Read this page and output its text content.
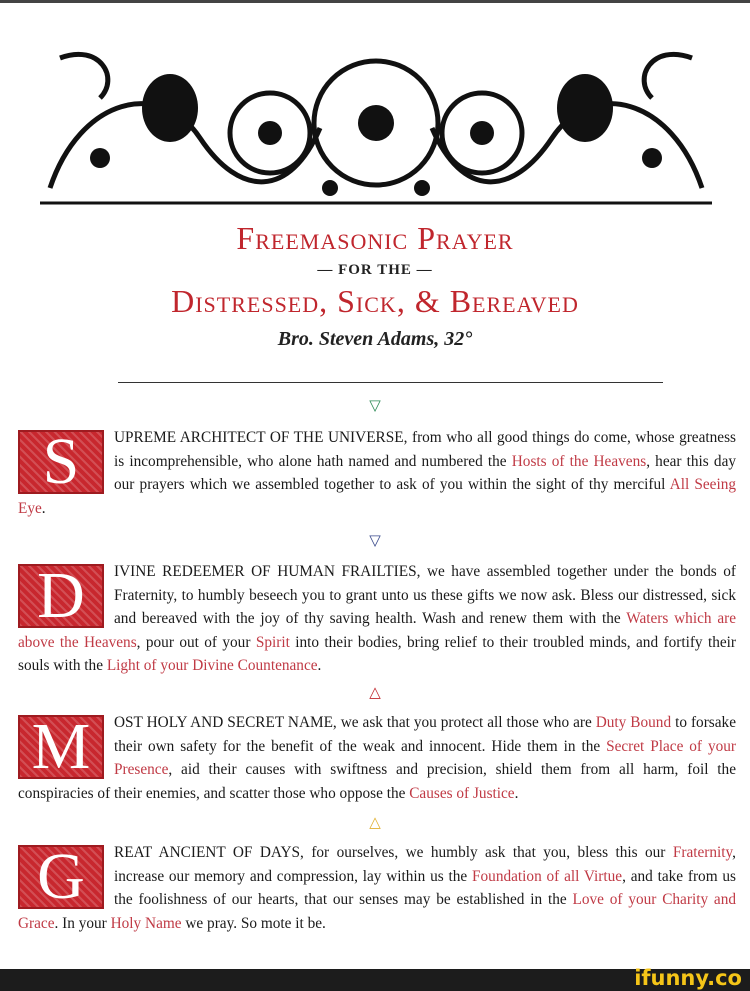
Freemasonic Prayer
— FOR THE —
Distressed, Sick, & Bereaved
Bro. Steven Adams, 32°
▽
S	UPREME ARCHITECT OF THE UNIVERSE, from who all good things do come, whose greatness is incomprehensible, who alone hath named and numbered the Hosts of the Heavens, hear this day our prayers which we assembled together to ask of you within the sight of thy merciful All Seeing Eye.
▽
D	IVINE REDEEMER OF HUMAN FRAILTIES, we have assembled together under the bonds of Fraternity, to humbly beseech you to grant unto us these gifts we now ask. Bless our distressed, sick and bereaved with the joy of thy saving health. Wash and renew them with the Waters which are above the Heavens, pour out of your Spirit into their bodies, bring relief to their troubled minds, and fortify their souls with the Light of your Divine Countenance.
△
M	OST HOLY AND SECRET NAME, we ask that you protect all those who are Duty Bound to forsake their own safety for the benefit of the weak and innocent. Hide them in the Secret Place of your Presence, aid their causes with swiftness and precision, shield them from all harm, foil the conspiracies of their enemies, and scatter those who oppose the Causes of Justice.
△
G	REAT ANCIENT OF DAYS, for ourselves, we humbly ask that you, bless this our Fraternity, increase our memory and compression, lay within us the Foundation of all Virtue, and take from us the foolishness of our hearts, that our senses may be established in the Love of your Charity and Grace. In your Holy Name we pray. So mote it be.
ifunny.co
